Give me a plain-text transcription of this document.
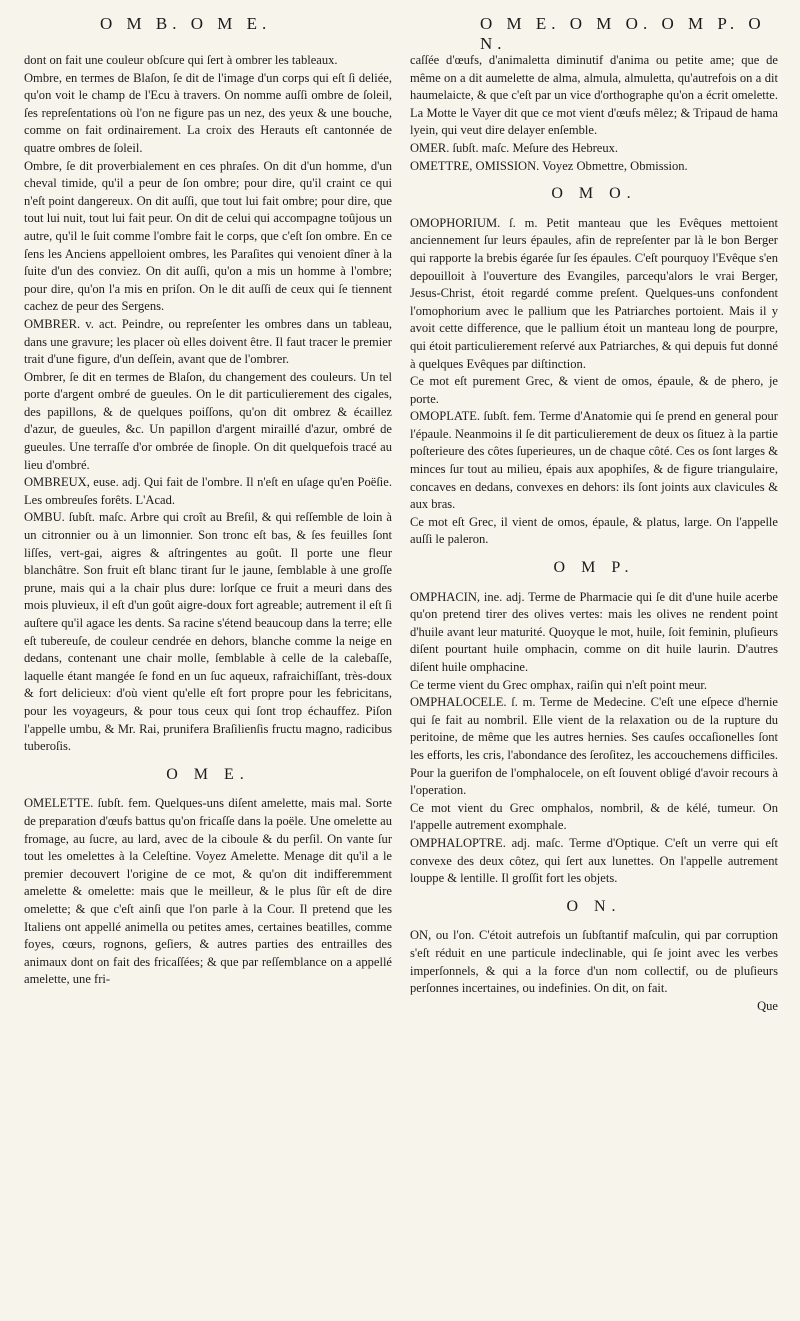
O M B. O M E.	O M E. O M O. O M P. O N.

dont on fait une couleur obſcure qui ſert à ombrer les tableaux.

Ombre, en termes de Blaſon, ſe dit de l'image d'un corps qui eſt ſi deliée, qu'on voit le champ de l'Ecu à travers. On nomme auſſi ombre de ſoleil, ſes repreſentations où l'on ne figure pas un nez, des yeux & une bouche, comme on fait ordinairement. La croix des Herauts eſt cantonnée de quatre ombres de ſoleil.

Ombre, ſe dit proverbialement en ces phraſes. On dit d'un homme, d'un cheval timide, qu'il a peur de ſon ombre; pour dire, qu'il craint ce qui n'eſt point dangereux. On dit auſſi, que tout lui fait ombre; pour dire, que tout lui nuit, tout lui fait peur. On dit de celui qui accompagne toûjous un autre, qu'il le ſuit comme l'ombre fait le corps, que c'eſt ſon ombre. En ce ſens les Anciens appelloient ombres, les Paraſites qui venoient dîner à la ſuite d'un des conviez. On dit auſſi, qu'on a mis un homme à l'ombre; pour dire, qu'on l'a mis en priſon. On le dit auſſi de ceux qui ſe tiennent cachez de peur des Sergens.

OMBRER. v. act. Peindre, ou repreſenter les ombres dans un tableau, dans une gravure; les placer où elles doivent être. Il faut tracer le premier trait d'une figure, d'un deſſein, avant que de l'ombrer.

Ombrer, ſe dit en termes de Blaſon, du changement des couleurs. Un tel porte d'argent ombré de gueules. On le dit particulierement des cigales, des papillons, & de quelques poiſſons, qu'on dit ombrez & écaillez d'azur, de gueules, &c. Un papillon d'argent miraillé d'azur, ombré de gueules. Une terraſſe d'or ombrée de ſinople. On dit quelquefois tracé au lieu d'ombré.

OMBREUX, euse. adj. Qui fait de l'ombre. Il n'eſt en uſage qu'en Poëſie. Les ombreuſes forêts. L'Acad.

OMBU. ſubſt. maſc. Arbre qui croît au Breſil, & qui reſſemble de loin à un citronnier ou à un limonnier. Son tronc eſt bas, & ſes feuilles ſont liſſes, vert-gai, aigres & aſtringentes au goût. Il porte une fleur blanchâtre. Son fruit eſt blanc tirant ſur le jaune, ſemblable à une groſſe prune, mais qui a la chair plus dure: lorſque ce fruit a meuri dans des mois pluvieux, il eſt d'un goût aigre-doux fort agreable; autrement il eſt ſi auſtere qu'il agace les dents. Sa racine s'étend beaucoup dans la terre; elle eſt tubereuſe, de couleur cendrée en dehors, blanche comme la neige en dedans, contenant une chair molle, ſemblable à celle de la calebaſſe, laquelle étant mangée ſe fond en un ſuc aqueux, rafraichiſſant, très-doux & fort delicieux: d'où vient qu'elle eſt fort propre pour les febricitans, pour les voyageurs, & pour tous ceux qui ſont trop échauffez. Piſon l'appelle umbu, & Mr. Rai, prunifera Braſilienſis fructu magno, radicibus tuberoſis.

O M E.

OMELETTE. ſubſt. fem. Quelques-uns diſent amelette, mais mal. Sorte de preparation d'œufs battus qu'on fricaſſe dans la poële. Une omelette au fromage, au ſucre, au lard, avec de la ciboule & du perſil. On vante ſur tout les omelettes à la Celeſtine. Voyez Amelette. Menage dit qu'il a le premier decouvert l'origine de ce mot, & qu'on dit indifferemment amelette & omelette: mais que le meilleur, & le plus ſûr eſt de dire omelette; & que c'eſt ainſi que l'on parle à la Cour. Il pretend que les Italiens ont appellé animella ou petites ames, certaines beatilles, comme foyes, cœurs, rognons, geſiers, & autres parties des entrailles des animaux dont on fait des fricaſſées; & que par reſſemblance on a appellé amelette, une fri-

caſſée d'œufs, d'animaletta diminutif d'anima ou petite ame; que de même on a dit aumelette de alma, almula, almuletta, qu'autrefois on a dit haumelaicte, & que c'eſt par un vice d'orthographe qu'on a écrit omelette. La Motte le Vayer dit que ce mot vient d'œufs mêlez; & Tripaud de hama lyein, qui veut dire delayer enſemble.

OMER. ſubſt. maſc. Meſure des Hebreux.

OMETTRE, OMISSION. Voyez Obmettre, Obmission.

O M O.

OMOPHORIUM. ſ. m. Petit manteau que les Evêques mettoient anciennement ſur leurs épaules, afin de repreſenter par là le bon Berger qui rapporte la brebis égarée ſur ſes épaules. C'eſt pourquoy l'Evêque s'en depouilloit à l'ouverture des Evangiles, parcequ'alors le vrai Berger, Jesus-Christ, étoit regardé comme preſent. Quelques-uns confondent l'omophorium avec le pallium que les Patriarches portoient. Mais il y avoit cette difference, que le pallium étoit un manteau long de pourpre, qui étoit particulierement reſervé aux Patriarches, & qui depuis fut donné à quelques Evêques par diſtinction.

Ce mot eſt purement Grec, & vient de omos, épaule, & de phero, je porte.

OMOPLATE. ſubſt. fem. Terme d'Anatomie qui ſe prend en general pour l'épaule. Neanmoins il ſe dit particulierement de deux os ſituez à la partie poſterieure des côtes ſuperieures, un de chaque côté. Ces os ſont larges & minces ſur tout au milieu, épais aux apophiſes, & de figure triangulaire, concaves en dedans, convexes en dehors: ils ſont joints aux clavicules & aux bras.

Ce mot eſt Grec, il vient de omos, épaule, & platus, large. On l'appelle auſſi le paleron.

O M P.

OMPHACIN, ine. adj. Terme de Pharmacie qui ſe dit d'une huile acerbe qu'on pretend tirer des olives vertes: mais les olives ne rendent point d'huile avant leur maturité. Quoyque le mot, huile, ſoit feminin, pluſieurs diſent pourtant huile omphacin, comme on dit huile laurin. D'autres diſent huile omphacine.

Ce terme vient du Grec omphax, raiſin qui n'eſt point meur.

OMPHALOCELE. ſ. m. Terme de Medecine. C'eſt une eſpece d'hernie qui ſe fait au nombril. Elle vient de la relaxation ou de la rupture du peritoine, de même que les autres hernies. Ses cauſes occaſionelles ſont les efforts, les cris, l'abondance des ſeroſitez, les accouchemens difficiles. Pour la guerifon de l'omphalocele, on eſt ſouvent obligé d'avoir recours à l'operation.

Ce mot vient du Grec omphalos, nombril, & de kélé, tumeur. On l'appelle autrement exomphale.

OMPHALOPTRE. adj. maſc. Terme d'Optique. C'eſt un verre qui eſt convexe des deux côtez, qui ſert aux lunettes. On l'appelle autrement louppe & lentille. Il groſſit fort les objets.

O N.

ON, ou l'on. C'étoit autrefois un ſubſtantif maſculin, qui par corruption s'eſt réduit en une particule indeclinable, qui ſe joint avec les verbes imperſonnels, & qui a la force d'un nom collectif, ou de pluſieurs perſonnes incertaines, ou indefinies. On dit, on fait.

Que
